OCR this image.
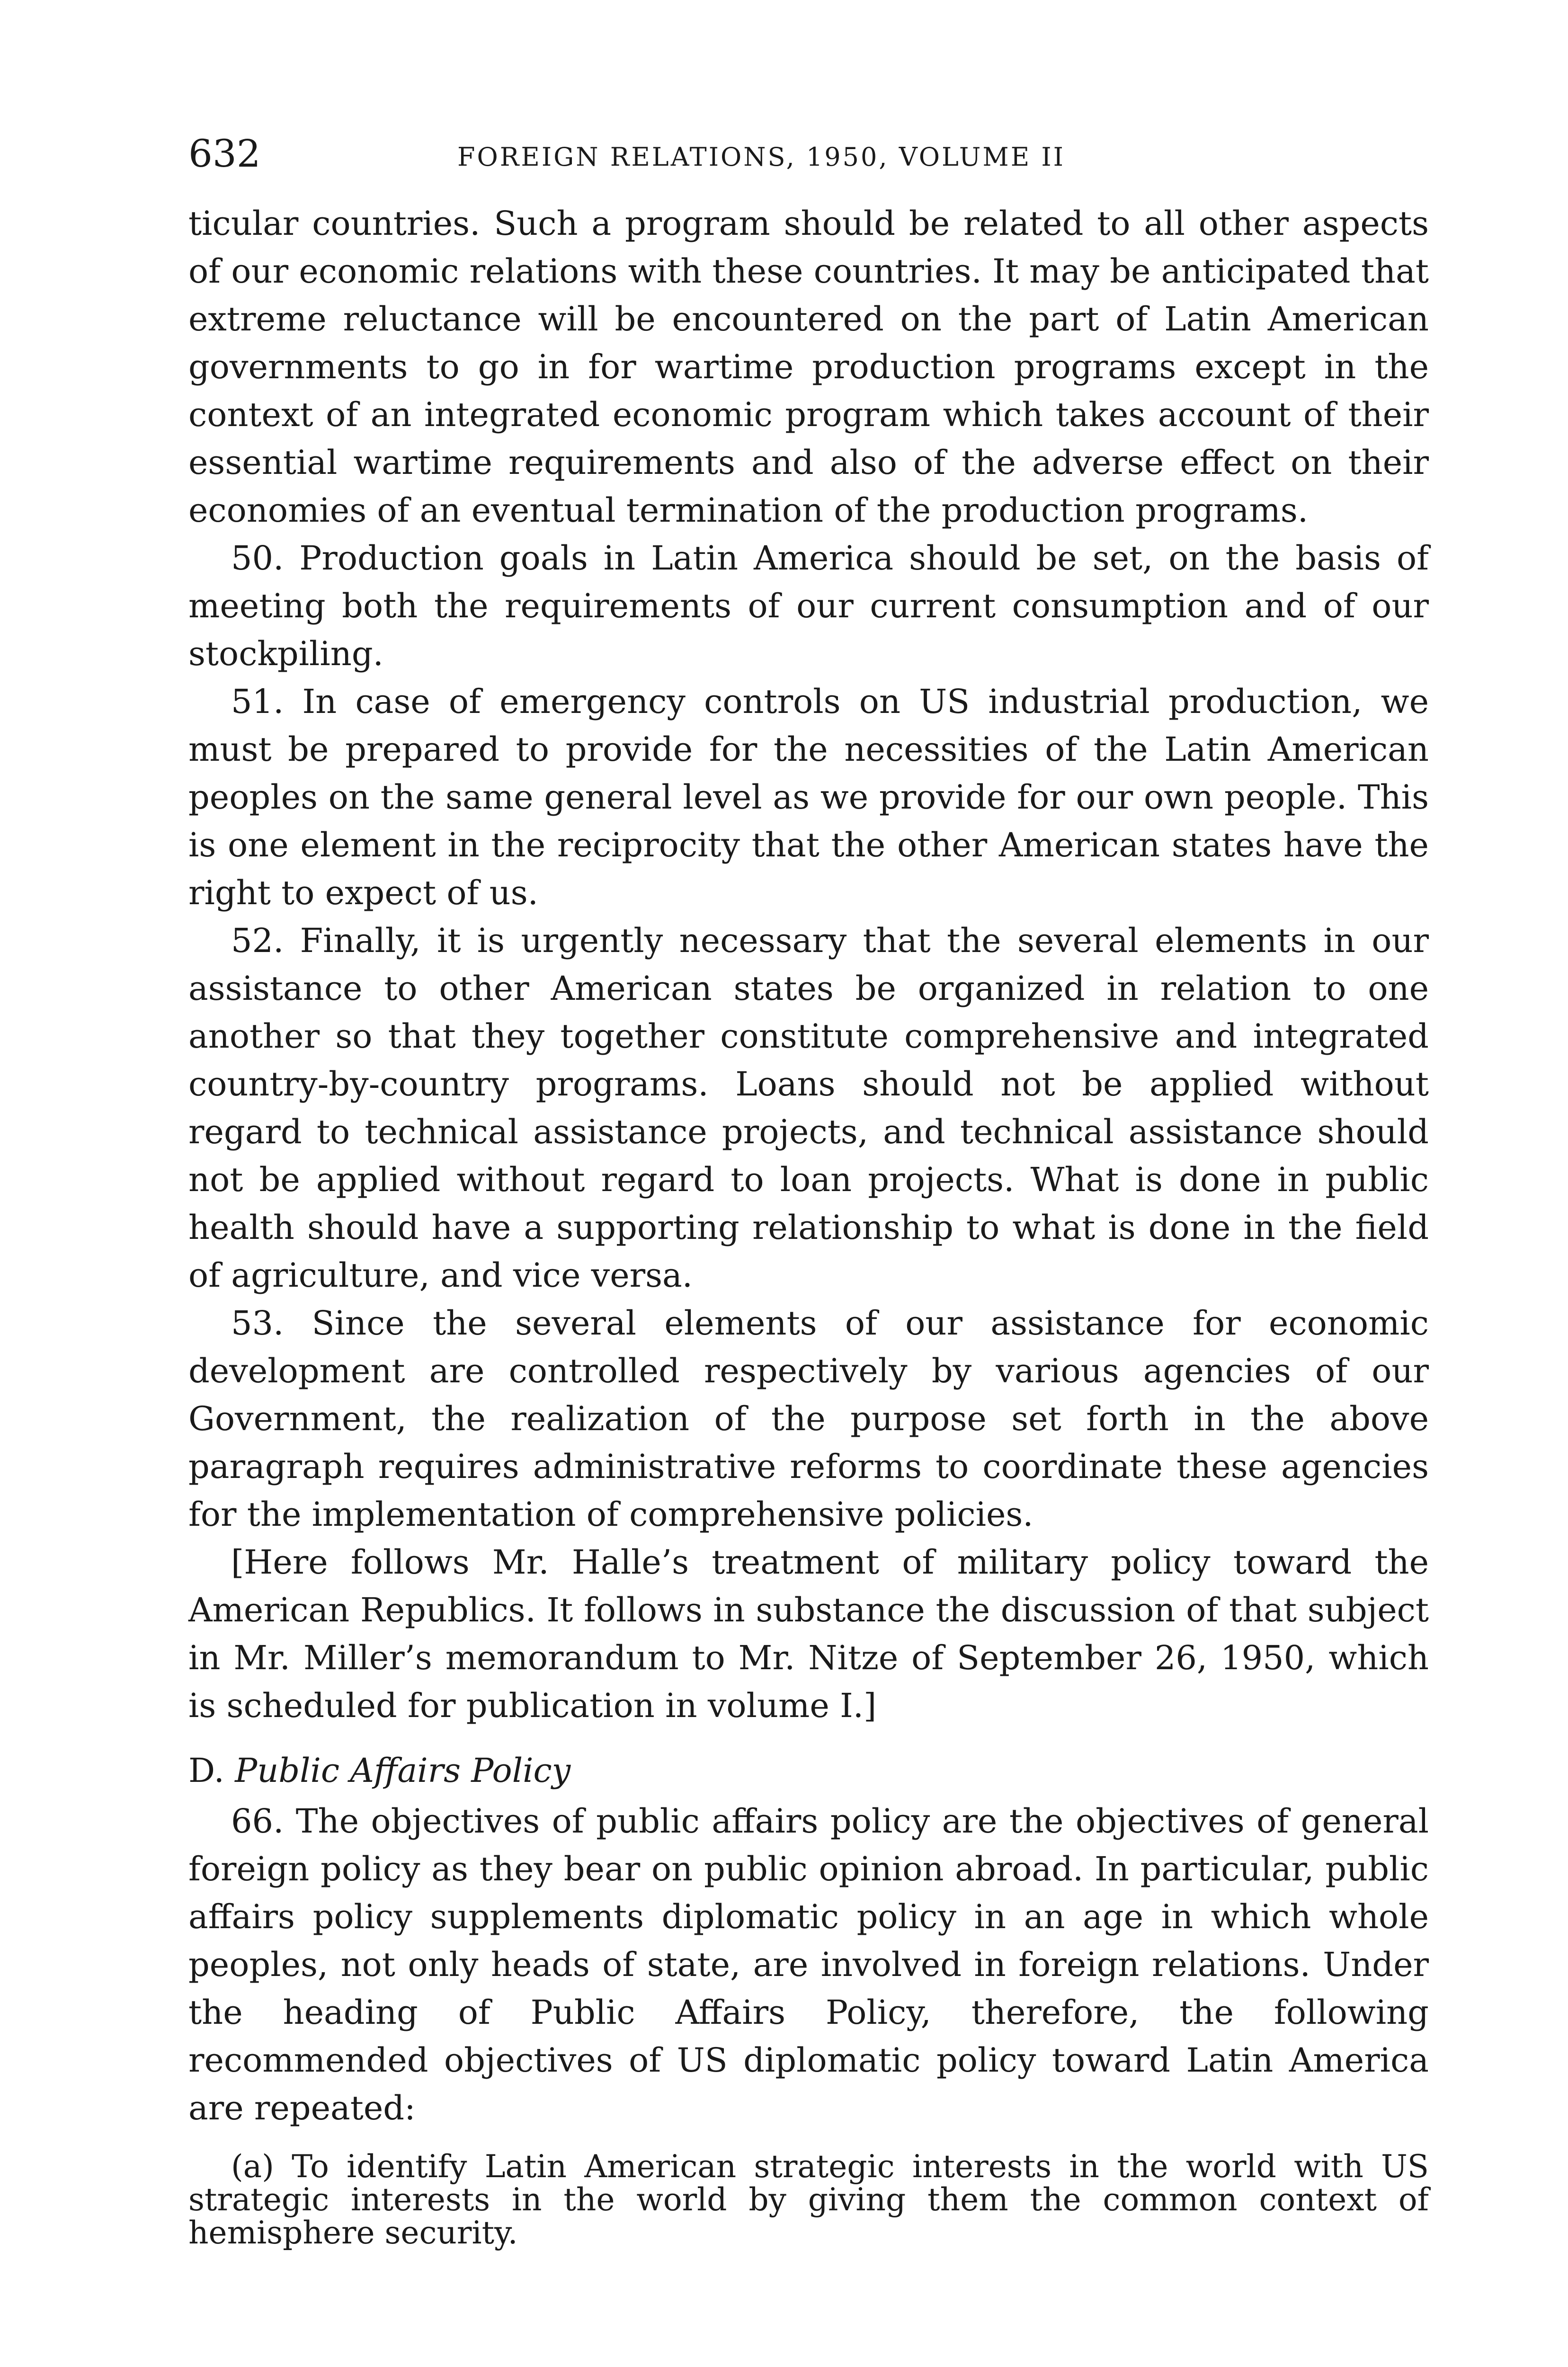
632	FOREIGN RELATIONS, 1950, VOLUME II

ticular countries. Such a program should be related to all other aspects of our economic relations with these countries. It may be anticipated that extreme reluctance will be encountered on the part of Latin American governments to go in for wartime production programs except in the context of an integrated economic program which takes account of their essential wartime requirements and also of the adverse effect on their economies of an eventual termination of the production programs.

50. Production goals in Latin America should be set, on the basis of meeting both the requirements of our current consumption and of our stockpiling.

51. In case of emergency controls on US industrial production, we must be prepared to provide for the necessities of the Latin American peoples on the same general level as we provide for our own people. This is one element in the reciprocity that the other American states have the right to expect of us.

52. Finally, it is urgently necessary that the several elements in our assistance to other American states be organized in relation to one another so that they together constitute comprehensive and integrated country-by-country programs. Loans should not be applied without regard to technical assistance projects, and technical assistance should not be applied without regard to loan projects. What is done in public health should have a supporting relationship to what is done in the field of agriculture, and vice versa.

53. Since the several elements of our assistance for economic development are controlled respectively by various agencies of our Government, the realization of the purpose set forth in the above paragraph requires administrative reforms to coordinate these agencies for the implementation of comprehensive policies.

[Here follows Mr. Halle’s treatment of military policy toward the American Republics. It follows in substance the discussion of that subject in Mr. Miller’s memorandum to Mr. Nitze of September 26, 1950, which is scheduled for publication in volume I.]

D. Public Affairs Policy

66. The objectives of public affairs policy are the objectives of general foreign policy as they bear on public opinion abroad. In particular, public affairs policy supplements diplomatic policy in an age in which whole peoples, not only heads of state, are involved in foreign relations. Under the heading of Public Affairs Policy, therefore, the following recommended objectives of US diplomatic policy toward Latin America are repeated:

(a) To identify Latin American strategic interests in the world with US strategic interests in the world by giving them the common context of hemisphere security.
